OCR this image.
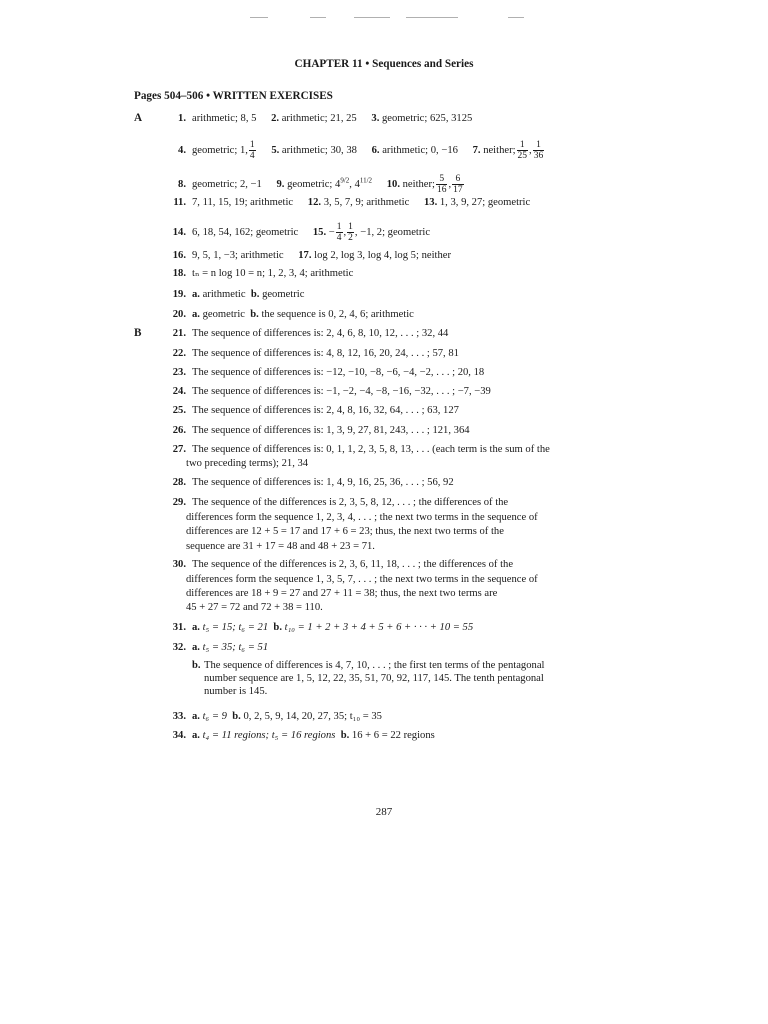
CHAPTER 11 • Sequences and Series
Pages 504–506 • WRITTEN EXERCISES
A
B
1. arithmetic; 8, 5 2. arithmetic; 21, 25 3. geometric; 625, 3125
4. geometric; 1, $\frac{1}{4} 5$. arithmetic; 30, 38 6. arithmetic; 0, −16 7. neither; $\frac{1}{25}$ , $\frac{1}{36}$
8. geometric; 2, −1 9. geometric; $4^{9/2}$, $4^{11/2}$ 10. neither; $\frac{5}{16}$ , $\frac{6}{17}$
11. 7, 11, 15, 19; arithmetic 12. 3, 5, 7, 9; arithmetic 13. 1, 3, 9, 27; geometric
14. 6, 18, 54, 162; geometric 15. − $\frac{1}{4}$ , $\frac{1}{2}$ , −1, 2; geometric
16. 9, 5, 1, −3; arithmetic 17. log 2, log 3, log 4, log 5; neither
18. tₙ = n log 10 = n; 1, 2, 3, 4; arithmetic
19. a. arithmetic b. geometric
20. a. geometric b. the sequence is 0, 2, 4, 6; arithmetic
21. The sequence of differences is: 2, 4, 6, 8, 10, 12, . . . ; 32, 44
22. The sequence of differences is: 4, 8, 12, 16, 20, 24, . . . ; 57, 81
23. The sequence of differences is: −12, −10, −8, −6, −4, −2, . . . ; 20, 18
24. The sequence of differences is: −1, −2, −4, −8, −16, −32, . . . ; −7, −39
25. The sequence of differences is: 2, 4, 8, 16, 32, 64, . . . ; 63, 127
26. The sequence of differences is: 1, 3, 9, 27, 81, 243, . . . ; 121, 364
27. The sequence of differences is: 0, 1, 1, 2, 3, 5, 8, 13, . . . (each term is the sum of the
two preceding terms); 21, 34
28. The sequence of differences is: 1, 4, 9, 16, 25, 36, . . . ; 56, 92
29. The sequence of the differences is 2, 3, 5, 8, 12, . . . ; the differences of the
differences form the sequence 1, 2, 3, 4, . . . ; the next two terms in the sequence of
differences are 12 + 5 = 17 and 17 + 6 = 23; thus, the next two terms of the
sequence are 31 + 17 = 48 and 48 + 23 = 71.
30. The sequence of the differences is 2, 3, 6, 11, 18, . . . ; the differences of the
differences form the sequence 1, 3, 5, 7, . . . ; the next two terms in the sequence of
differences are 18 + 9 = 27 and 27 + 11 = 38; thus, the next two terms are
45 + 27 = 72 and 72 + 38 = 110.
31. a. t₅ = 15; t₆ = 21 b. t₁₀ = 1 + 2 + 3 + 4 + 5 + 6 + · · · + 10 = 55
32. a. t₅ = 35; t₆ = 51
b. The sequence of differences is 4, 7, 10, . . . ; the first ten terms of the pentagonal
number sequence are 1, 5, 12, 22, 35, 51, 70, 92, 117, 145. The tenth pentagonal
number is 145.
33. a. t₆ = 9 b. 0, 2, 5, 9, 14, 20, 27, 35; t₁₀ = 35
34. a. t₄ = 11 regions; t₅ = 16 regions b. 16 + 6 = 22 regions
287
